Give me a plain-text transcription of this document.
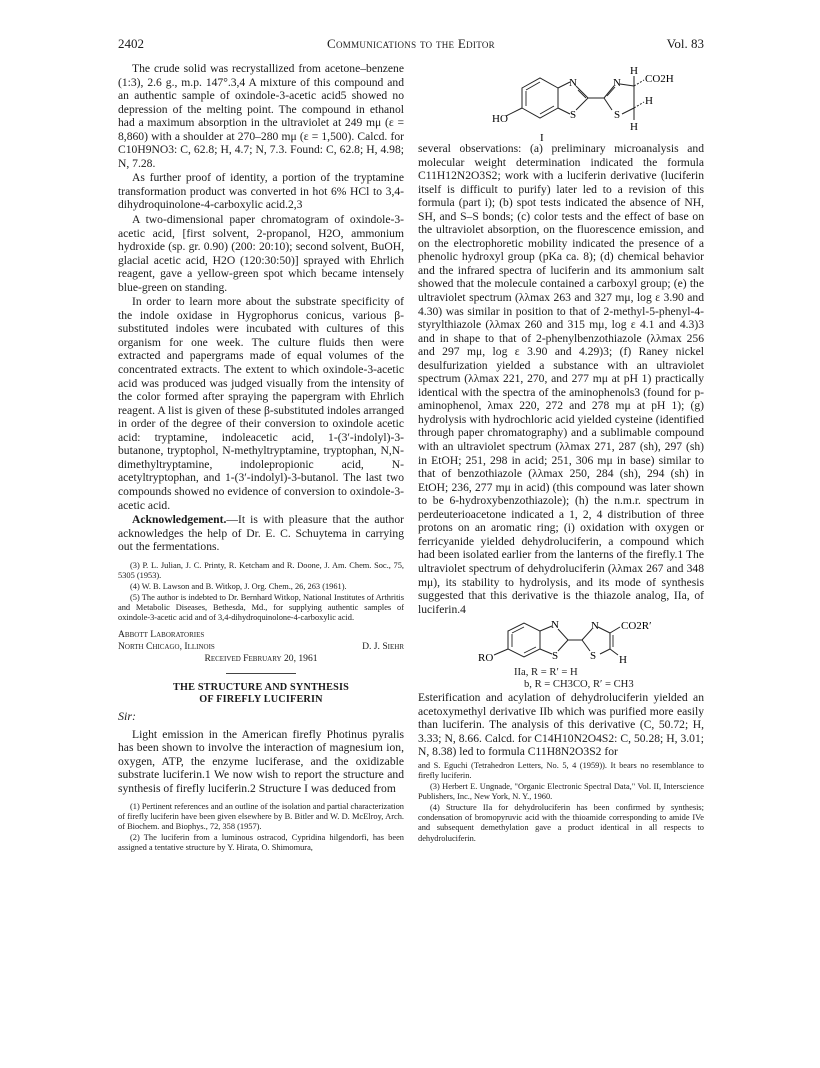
2402	Communications to the Editor	Vol. 83

The crude solid was recrystallized from acetone–benzene (1:3), 2.6 g., m.p. 147°.3,4 A mixture of this compound and an authentic sample of oxindole-3-acetic acid5 showed no depression of the melting point. The compound in ethanol had a maximum absorption in the ultraviolet at 249 mμ (ε = 8,860) with a shoulder at 270–280 mμ (ε = 1,500). Calcd. for C10H9NO3: C, 62.8; H, 4.7; N, 7.3. Found: C, 62.8; H, 4.98; N, 7.28.

As further proof of identity, a portion of the tryptamine transformation product was converted in hot 6% HCl to 3,4-dihydroquinolone-4-carboxylic acid.2,3

A two-dimensional paper chromatogram of oxindole-3-acetic acid, [first solvent, 2-propanol, H2O, ammonium hydroxide (sp. gr. 0.90) (200: 20:10); second solvent, BuOH, glacial acetic acid, H2O (120:30:50)] sprayed with Ehrlich reagent, gave a yellow-green spot which became intensely blue-green on standing.

In order to learn more about the substrate specificity of the indole oxidase in Hygrophorus conicus, various β-substituted indoles were incubated with cultures of this organism for one week. The culture fluids then were extracted and papergrams made of equal volumes of the concentrated extracts. The extent to which oxindole-3-acetic acid was produced was judged visually from the intensity of the color formed after spraying the papergram with Ehrlich reagent. A list is given of these β-substituted indoles arranged in order of the degree of their conversion to oxindole acetic acid: tryptamine, indoleacetic acid, 1-(3′-indolyl)-3-butanone, tryptophol, N-methyltryptamine, tryptophan, N,N-dimethyltryptamine, indolepropionic acid, N-acetyltryptophan, and 1-(3′-indolyl)-3-butanol. The last two compounds showed no evidence of conversion to oxindole-3-acetic acid.

Acknowledgement.—It is with pleasure that the author acknowledges the help of Dr. E. C. Schuytema in carrying out the fermentations.

(3) P. L. Julian, J. C. Printy, R. Ketcham and R. Doone, J. Am. Chem. Soc., 75, 5305 (1953).

(4) W. B. Lawson and B. Witkop, J. Org. Chem., 26, 263 (1961).

(5) The author is indebted to Dr. Bernhard Witkop, National Institutes of Arthritis and Metabolic Diseases, Bethesda, Md., for supplying authentic samples of oxindole-3-acetic acid and of 3,4-dihydroquinolone-4-carboxylic acid.

Abbott Laboratories
North Chicago, Illinois	D. J. Siehr
Received February 20, 1961
THE STRUCTURE AND SYNTHESIS
OF FIREFLY LUCIFERIN
Sir:

Light emission in the American firefly Photinus pyralis has been shown to involve the interaction of magnesium ion, oxygen, ATP, the enzyme luciferase, and the oxidizable substrate luciferin.1 We now wish to report the structure and synthesis of firefly luciferin.2 Structure I was deduced from

(1) Pertinent references and an outline of the isolation and partial characterization of firefly luciferin have been given elsewhere by B. Bitler and W. D. McElroy, Arch. of Biochem. and Biophys., 72, 358 (1957).

(2) The luciferin from a luminous ostracod, Cypridina hilgendorfi, has been assigned a tentative structure by Y. Hirata, O. Shimomura,

HO
N
S
N
S
H
CO2H
H
H
I

several observations: (a) preliminary microanalysis and molecular weight determination indicated the formula C11H12N2O3S2; work with a luciferin derivative (luciferin itself is difficult to purify) later led to a revision of this formula (part i); (b) spot tests indicated the absence of NH, SH, and S–S bonds; (c) color tests and the effect of base on the ultraviolet absorption, on the fluorescence emission, and on the electrophoretic mobility indicated the presence of a phenolic hydroxyl group (pKa ca. 8); (d) chemical behavior and the infrared spectra of luciferin and its ammonium salt showed that the molecule contained a carboxyl group; (e) the ultraviolet spectrum (λλmax 263 and 327 mμ, log ε 3.90 and 4.30) was similar in position to that of 2-methyl-5-phenyl-4-styrylthiazole (λλmax 260 and 315 mμ, log ε 4.1 and 4.3)3 and in shape to that of 2-phenylbenzothiazole (λλmax 256 and 297 mμ, log ε 3.90 and 4.29)3; (f) Raney nickel desulfurization yielded a substance with an ultraviolet spectrum (λλmax 221, 270, and 277 mμ at pH 1) practically identical with the spectra of the aminophenols3 (found for p-aminophenol, λmax 220, 272 and 278 mμ at pH 1); (g) hydrolysis with hydrochloric acid yielded cysteine (identified through paper chromatography) and a sublimable compound with an ultraviolet spectrum (λλmax 271, 287 (sh), 297 (sh) in EtOH; 251, 298 in acid; 251, 306 mμ in base) similar to that of benzothiazole (λλmax 250, 284 (sh), 294 (sh) in EtOH; 236, 277 mμ in acid) (this compound was later shown to be 6-hydroxybenzothiazole); (h) the n.m.r. spectrum in perdeuterioacetone indicated a 1, 2, 4 distribution of three protons on an aromatic ring; (i) oxidation with oxygen or ferricyanide yielded dehydroluciferin, a compound which had been isolated earlier from the lanterns of the firefly.1 The ultraviolet spectrum of dehydroluciferin (λλmax 267 and 348 mμ), its stability to hydrolysis, and its mode of synthesis suggested that this derivative is the thiazole analog, IIa, of luciferin.4

RO
N
S
N
S H
CO2R′
IIa, R = R′ = H
b, R = CH3CO, R′ = CH3

Esterification and acylation of dehydroluciferin yielded an acetoxymethyl derivative IIb which was purified more easily than luciferin. The analysis of this derivative (C, 50.72; H, 3.33; N, 8.66. Calcd. for C14H10N2O4S2: C, 50.28; H, 3.01; N, 8.38) led to formula C11H8N2O3S2 for

and S. Eguchi (Tetrahedron Letters, No. 5, 4 (1959)). It bears no resemblance to firefly luciferin.

(3) Herbert E. Ungnade, "Organic Electronic Spectral Data," Vol. II, Interscience Publishers, Inc., New York, N. Y., 1960.

(4) Structure IIa for dehydroluciferin has been confirmed by synthesis; condensation of bromopyruvic acid with the thioamide corresponding to amide IVe and subsequent demethylation gave a product identical in all respects to dehydroluciferin.
